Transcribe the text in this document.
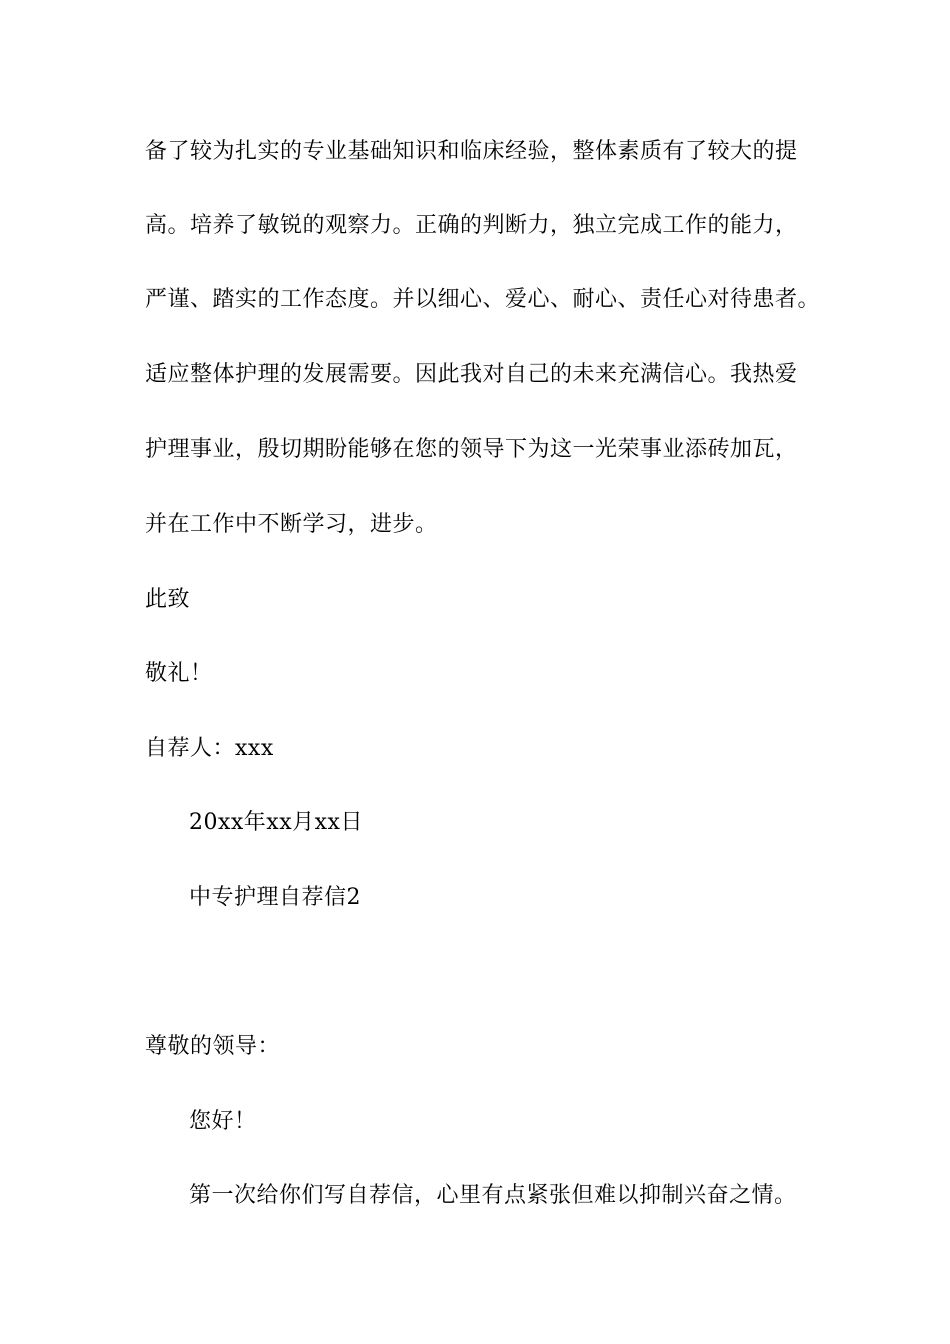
备了较为扎实的专业基础知识和临床经验，整体素质有了较大的提
高。培养了敏锐的观察力。正确的判断力，独立完成工作的能力，
严谨、踏实的工作态度。并以细心、爱心、耐心、责任心对待患者。
适应整体护理的发展需要。因此我对自己的未来充满信心。我热爱
护理事业，殷切期盼能够在您的领导下为这一光荣事业添砖加瓦，
并在工作中不断学习，进步。
此致
敬礼！
自荐人：xxx
20xx年xx月xx日
中专护理自荐信2
尊敬的领导：
您好！
第一次给你们写自荐信，心里有点紧张但难以抑制兴奋之情。
